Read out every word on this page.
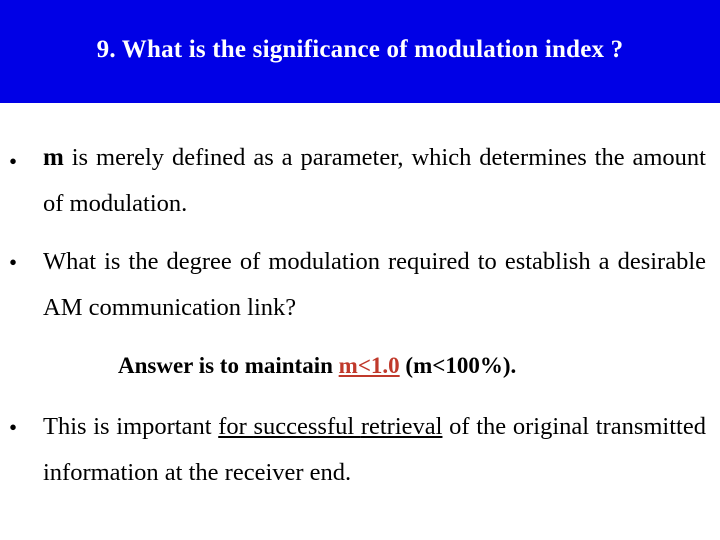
9. What is the significance of modulation index ?
• m is merely defined as a parameter, which determines the amount of modulation.
• What is the degree of modulation required to establish a desirable AM communication link?
Answer is to maintain m<1.0 (m<100%).
• This is important for successful retrieval of the original transmitted information at the receiver end.
